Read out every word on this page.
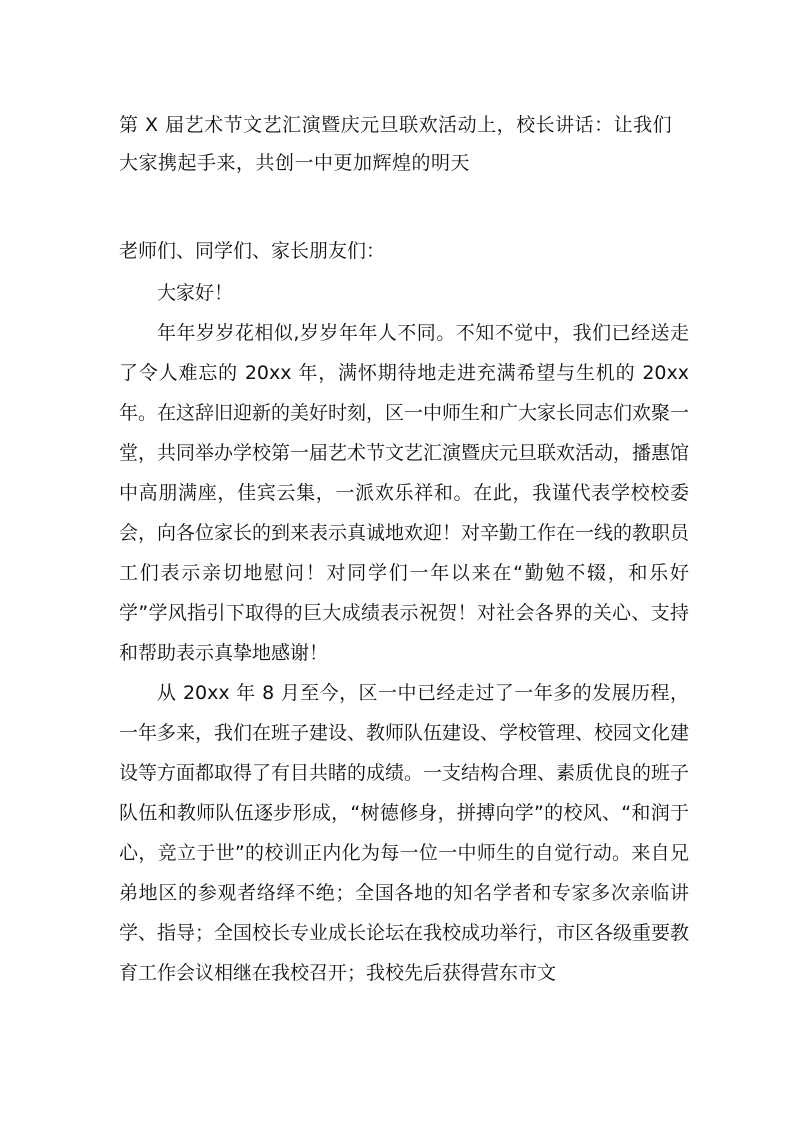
第 X 届艺术节文艺汇演暨庆元旦联欢活动上，校长讲话：让我们大家携起手来，共创一中更加辉煌的明天

老师们、同学们、家长朋友们：

大家好！

年年岁岁花相似,岁岁年年人不同。不知不觉中，我们已经送走了令人难忘的 20xx 年，满怀期待地走进充满希望与生机的 20xx 年。在这辞旧迎新的美好时刻，区一中师生和广大家长同志们欢聚一堂，共同举办学校第一届艺术节文艺汇演暨庆元旦联欢活动，播惠馆中高朋满座，佳宾云集，一派欢乐祥和。在此，我谨代表学校校委会，向各位家长的到来表示真诚地欢迎！对辛勤工作在一线的教职员工们表示亲切地慰问！对同学们一年以来在“勤勉不辍，和乐好学”学风指引下取得的巨大成绩表示祝贺！对社会各界的关心、支持和帮助表示真挚地感谢！

从 20xx 年 8 月至今，区一中已经走过了一年多的发展历程，一年多来，我们在班子建设、教师队伍建设、学校管理、校园文化建设等方面都取得了有目共睹的成绩。一支结构合理、素质优良的班子队伍和教师队伍逐步形成，“树德修身，拼搏向学”的校风、“和润于心，竞立于世”的校训正内化为每一位一中师生的自觉行动。来自兄弟地区的参观者络绎不绝；全国各地的知名学者和专家多次亲临讲学、指导；全国校长专业成长论坛在我校成功举行，市区各级重要教育工作会议相继在我校召开；我校先后获得营东市文
